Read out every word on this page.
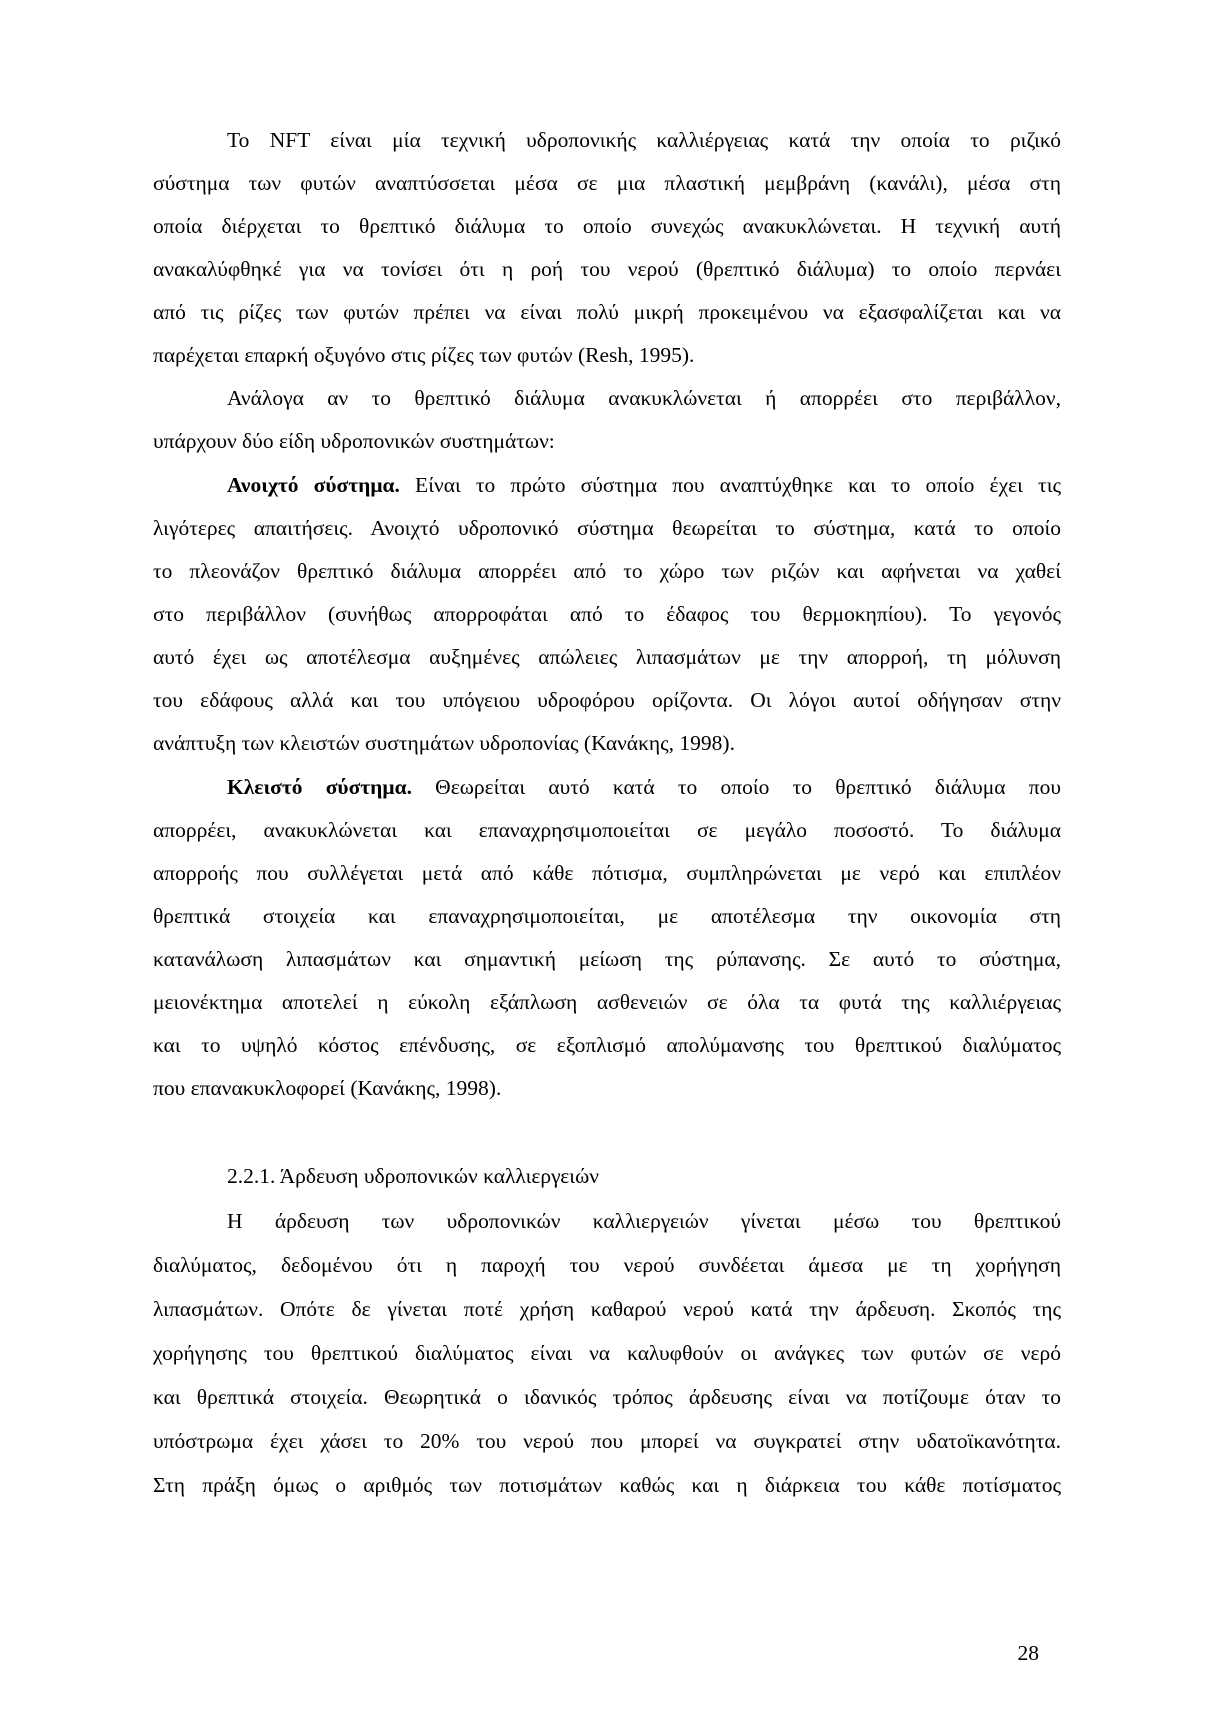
Το NFT είναι μία τεχνική υδροπονικής καλλιέργειας κατά την οποία το ριζικό
σύστημα των φυτών αναπτύσσεται μέσα σε μια πλαστική μεμβράνη (κανάλι), μέσα στη
οποία διέρχεται το θρεπτικό διάλυμα το οποίο συνεχώς ανακυκλώνεται. Η τεχνική αυτή
ανακαλύφθηκέ για να τονίσει ότι η ροή του νερού (θρεπτικό διάλυμα) το οποίο περνάει
από τις ρίζες των φυτών πρέπει να είναι πολύ μικρή προκειμένου να εξασφαλίζεται και να
παρέχεται επαρκή οξυγόνο στις ρίζες των φυτών (Resh, 1995).
Ανάλογα αν το θρεπτικό διάλυμα ανακυκλώνεται ή απορρέει στο περιβάλλον,
υπάρχουν δύο είδη υδροπονικών συστημάτων:
Ανοιχτό σύστημα. Είναι το πρώτο σύστημα που αναπτύχθηκε και το οποίο έχει τις
λιγότερες απαιτήσεις. Ανοιχτό υδροπονικό σύστημα θεωρείται το σύστημα, κατά το οποίο
το πλεονάζον θρεπτικό διάλυμα απορρέει από το χώρο των ριζών και αφήνεται να χαθεί
στο περιβάλλον (συνήθως απορροφάται από το έδαφος του θερμοκηπίου). Το γεγονός
αυτό έχει ως αποτέλεσμα αυξημένες απώλειες λιπασμάτων με την απορροή, τη μόλυνση
του εδάφους αλλά και του υπόγειου υδροφόρου ορίζοντα. Οι λόγοι αυτοί οδήγησαν στην
ανάπτυξη των κλειστών συστημάτων υδροπονίας (Κανάκης, 1998).
Κλειστό σύστημα. Θεωρείται αυτό κατά το οποίο το θρεπτικό διάλυμα που
απορρέει, ανακυκλώνεται και επαναχρησιμοποιείται σε μεγάλο ποσοστό. Το διάλυμα
απορροής που συλλέγεται μετά από κάθε πότισμα, συμπληρώνεται με νερό και επιπλέον
θρεπτικά στοιχεία και επαναχρησιμοποιείται, με αποτέλεσμα την οικονομία στη
κατανάλωση λιπασμάτων και σημαντική μείωση της ρύπανσης. Σε αυτό το σύστημα,
μειονέκτημα αποτελεί η εύκολη εξάπλωση ασθενειών σε όλα τα φυτά της καλλιέργειας
και το υψηλό κόστος επένδυσης, σε εξοπλισμό απολύμανσης του θρεπτικού διαλύματος
που επανακυκλοφορεί (Κανάκης, 1998).
2.2.1. Άρδευση υδροπονικών καλλιεργειών
Η άρδευση των υδροπονικών καλλιεργειών γίνεται μέσω του θρεπτικού
διαλύματος, δεδομένου ότι η παροχή του νερού συνδέεται άμεσα με τη χορήγηση
λιπασμάτων. Οπότε δε γίνεται ποτέ χρήση καθαρού νερού κατά την άρδευση. Σκοπός της
χορήγησης του θρεπτικού διαλύματος είναι να καλυφθούν οι ανάγκες των φυτών σε νερό
και θρεπτικά στοιχεία. Θεωρητικά ο ιδανικός τρόπος άρδευσης είναι να ποτίζουμε όταν το
υπόστρωμα έχει χάσει το 20% του νερού που μπορεί να συγκρατεί στην υδατοϊκανότητα.
Στη πράξη όμως ο αριθμός των ποτισμάτων καθώς και η διάρκεια του κάθε ποτίσματος
28
